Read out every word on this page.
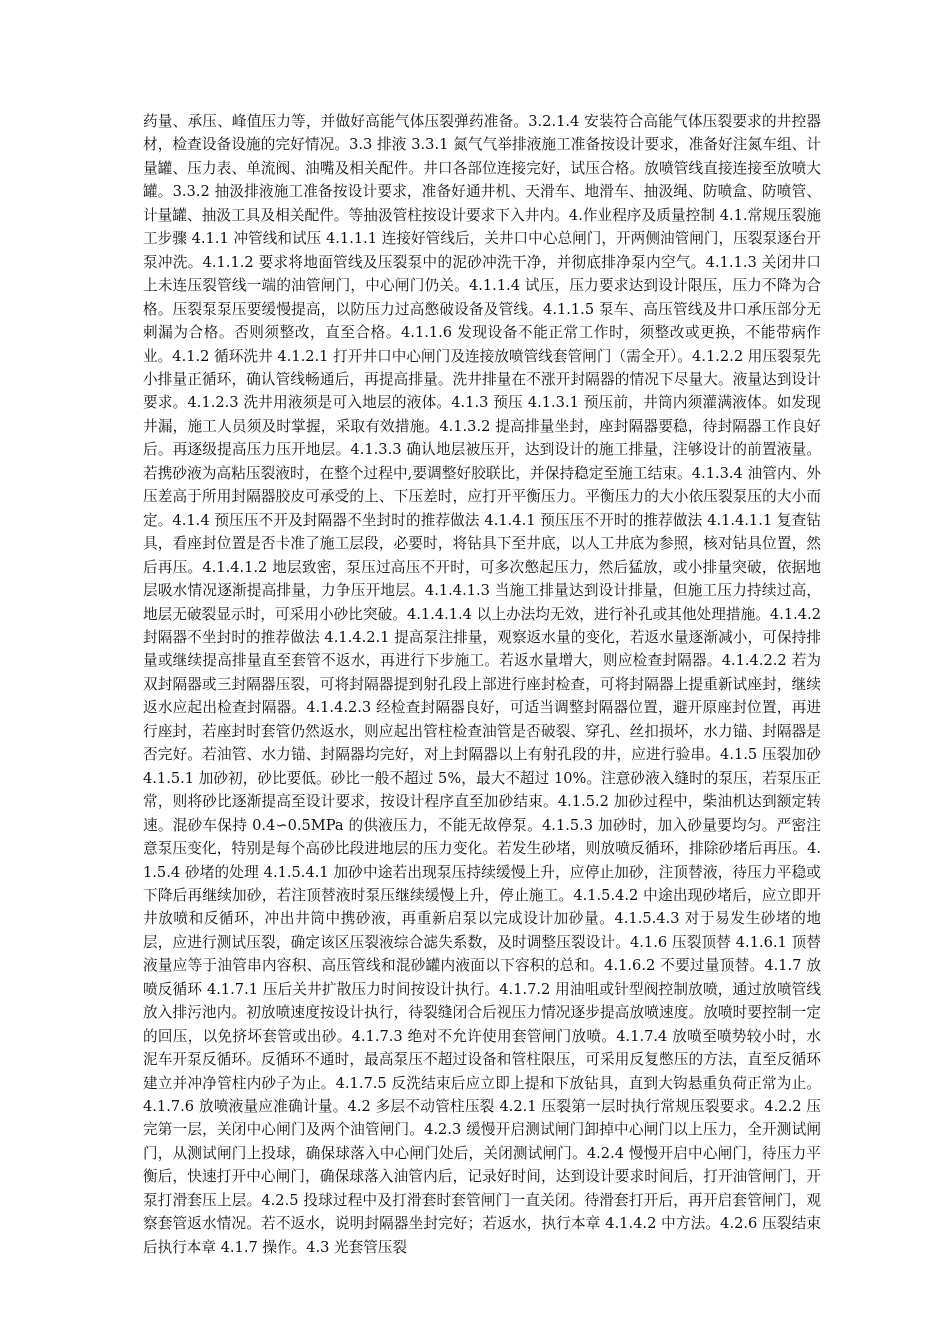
药量、承压、峰值压力等，并做好高能气体压裂弹药准备。3.2.1.4 安装符合高能气体压裂要求的井控器材，检查设备设施的完好情况。3.3 排液 3.3.1 氮气气举排液施工准备按设计要求，准备好注氮车组、计量罐、压力表、单流阀、油嘴及相关配件。井口各部位连接完好，试压合格。放喷管线直接连接至放喷大罐。3.3.2 抽汲排液施工准备按设计要求，准备好通井机、天滑车、地滑车、抽汲绳、防喷盒、防喷管、计量罐、抽汲工具及相关配件。等抽汲管柱按设计要求下入井内。4.作业程序及质量控制 4.1.常规压裂施工步骤 4.1.1 冲管线和试压 4.1.1.1 连接好管线后，关井口中心总闸门，开两侧油管闸门，压裂泵逐台开泵冲洗。4.1.1.2 要求将地面管线及压裂泵中的泥砂冲洗干净，并彻底排净泵内空气。4.1.1.3 关闭井口上未连压裂管线一端的油管闸门，中心闸门仍关。4.1.1.4 试压，压力要求达到设计限压，压力不降为合格。压裂泵泵压要缓慢提高，以防压力过高憋破设备及管线。4.1.1.5 泵车、高压管线及井口承压部分无刺漏为合格。否则须整改，直至合格。4.1.1.6 发现设备不能正常工作时，须整改或更换，不能带病作业。4.1.2 循环洗井 4.1.2.1 打开井口中心闸门及连接放喷管线套管闸门（需全开）。4.1.2.2 用压裂泵先小排量正循环，确认管线畅通后，再提高排量。洗井排量在不涨开封隔器的情况下尽量大。液量达到设计要求。4.1.2.3 洗井用液须是可入地层的液体。4.1.3 预压 4.1.3.1 预压前，井筒内须灌满液体。如发现井漏，施工人员须及时掌握，采取有效措施。4.1.3.2 提高排量坐封，座封隔器要稳，待封隔器工作良好后。再逐级提高压力压开地层。4.1.3.3 确认地层被压开，达到设计的施工排量，注够设计的前置液量。若携砂液为高粘压裂液时，在整个过程中,要调整好胶联比，并保持稳定至施工结束。4.1.3.4 油管内、外压差高于所用封隔器胶皮可承受的上、下压差时，应打开平衡压力。平衡压力的大小依压裂泵压的大小而定。4.1.4 预压压不开及封隔器不坐封时的推荐做法 4.1.4.1 预压压不开时的推荐做法 4.1.4.1.1 复查钻具，看座封位置是否卡准了施工层段，必要时，将钻具下至井底，以人工井底为参照，核对钻具位置，然后再压。4.1.4.1.2 地层致密，泵压过高压不开时，可多次憋起压力，然后猛放，或小排量突破，依据地层吸水情况逐渐提高排量，力争压开地层。4.1.4.1.3 当施工排量达到设计排量，但施工压力持续过高，地层无破裂显示时，可采用小砂比突破。4.1.4.1.4 以上办法均无效，进行补孔或其他处理措施。4.1.4.2 封隔器不坐封时的推荐做法 4.1.4.2.1 提高泵注排量，观察返水量的变化，若返水量逐渐减小，可保持排量或继续提高排量直至套管不返水，再进行下步施工。若返水量增大，则应检查封隔器。4.1.4.2.2 若为双封隔器或三封隔器压裂，可将封隔器提到射孔段上部进行座封检查，可将封隔器上提重新试座封，继续返水应起出检查封隔器。4.1.4.2.3 经检查封隔器良好，可适当调整封隔器位置，避开原座封位置，再进行座封，若座封时套管仍然返水，则应起出管柱检查油管是否破裂、穿孔、丝扣损坏，水力锚、封隔器是否完好。若油管、水力锚、封隔器均完好，对上封隔器以上有射孔段的井，应进行验串。4.1.5 压裂加砂 4.1.5.1 加砂初，砂比要低。砂比一般不超过 5%，最大不超过 10%。注意砂液入缝时的泵压，若泵压正常，则将砂比逐渐提高至设计要求，按设计程序直至加砂结束。4.1.5.2 加砂过程中，柴油机达到额定转速。混砂车保持 0.4∽0.5MPa 的供液压力，不能无故停泵。4.1.5.3 加砂时，加入砂量要均匀。严密注意泵压变化，特别是每个高砂比段进地层的压力变化。若发生砂堵，则放喷反循环，排除砂堵后再压。4.1.5.4 砂堵的处理 4.1.5.4.1 加砂中途若出现泵压持续缓慢上升，应停止加砂，注顶替液，待压力平稳或下降后再继续加砂，若注顶替液时泵压继续缓慢上升，停止施工。4.1.5.4.2 中途出现砂堵后，应立即开井放喷和反循环，冲出井筒中携砂液，再重新启泵以完成设计加砂量。4.1.5.4.3 对于易发生砂堵的地层，应进行测试压裂，确定该区压裂液综合滤失系数，及时调整压裂设计。4.1.6 压裂顶替 4.1.6.1 顶替液量应等于油管串内容积、高压管线和混砂罐内液面以下容积的总和。4.1.6.2 不要过量顶替。4.1.7 放喷反循环 4.1.7.1 压后关井扩散压力时间按设计执行。4.1.7.2 用油咀或针型阀控制放喷，通过放喷管线放入排污池内。初放喷速度按设计执行，待裂缝闭合后视压力情况逐步提高放喷速度。放喷时要控制一定的回压，以免挤坏套管或出砂。4.1.7.3 绝对不允许使用套管闸门放喷。4.1.7.4 放喷至喷势较小时，水泥车开泵反循环。反循环不通时，最高泵压不超过设备和管柱限压，可采用反复憋压的方法，直至反循环建立并冲净管柱内砂子为止。4.1.7.5 反洗结束后应立即上提和下放钻具，直到大钩悬重负荷正常为止。4.1.7.6 放喷液量应准确计量。4.2 多层不动管柱压裂 4.2.1 压裂第一层时执行常规压裂要求。4.2.2 压完第一层，关闭中心闸门及两个油管闸门。4.2.3 缓慢开启测试闸门卸掉中心闸门以上压力，全开测试闸门，从测试闸门上投球，确保球落入中心闸门处后，关闭测试闸门。4.2.4 慢慢开启中心闸门，待压力平衡后，快速打开中心闸门，确保球落入油管内后，记录好时间，达到设计要求时间后，打开油管闸门，开泵打滑套压上层。4.2.5 投球过程中及打滑套时套管闸门一直关闭。待滑套打开后，再开启套管闸门，观察套管返水情况。若不返水，说明封隔器坐封完好；若返水，执行本章 4.1.4.2 中方法。4.2.6 压裂结束后执行本章 4.1.7 操作。4.3 光套管压裂
